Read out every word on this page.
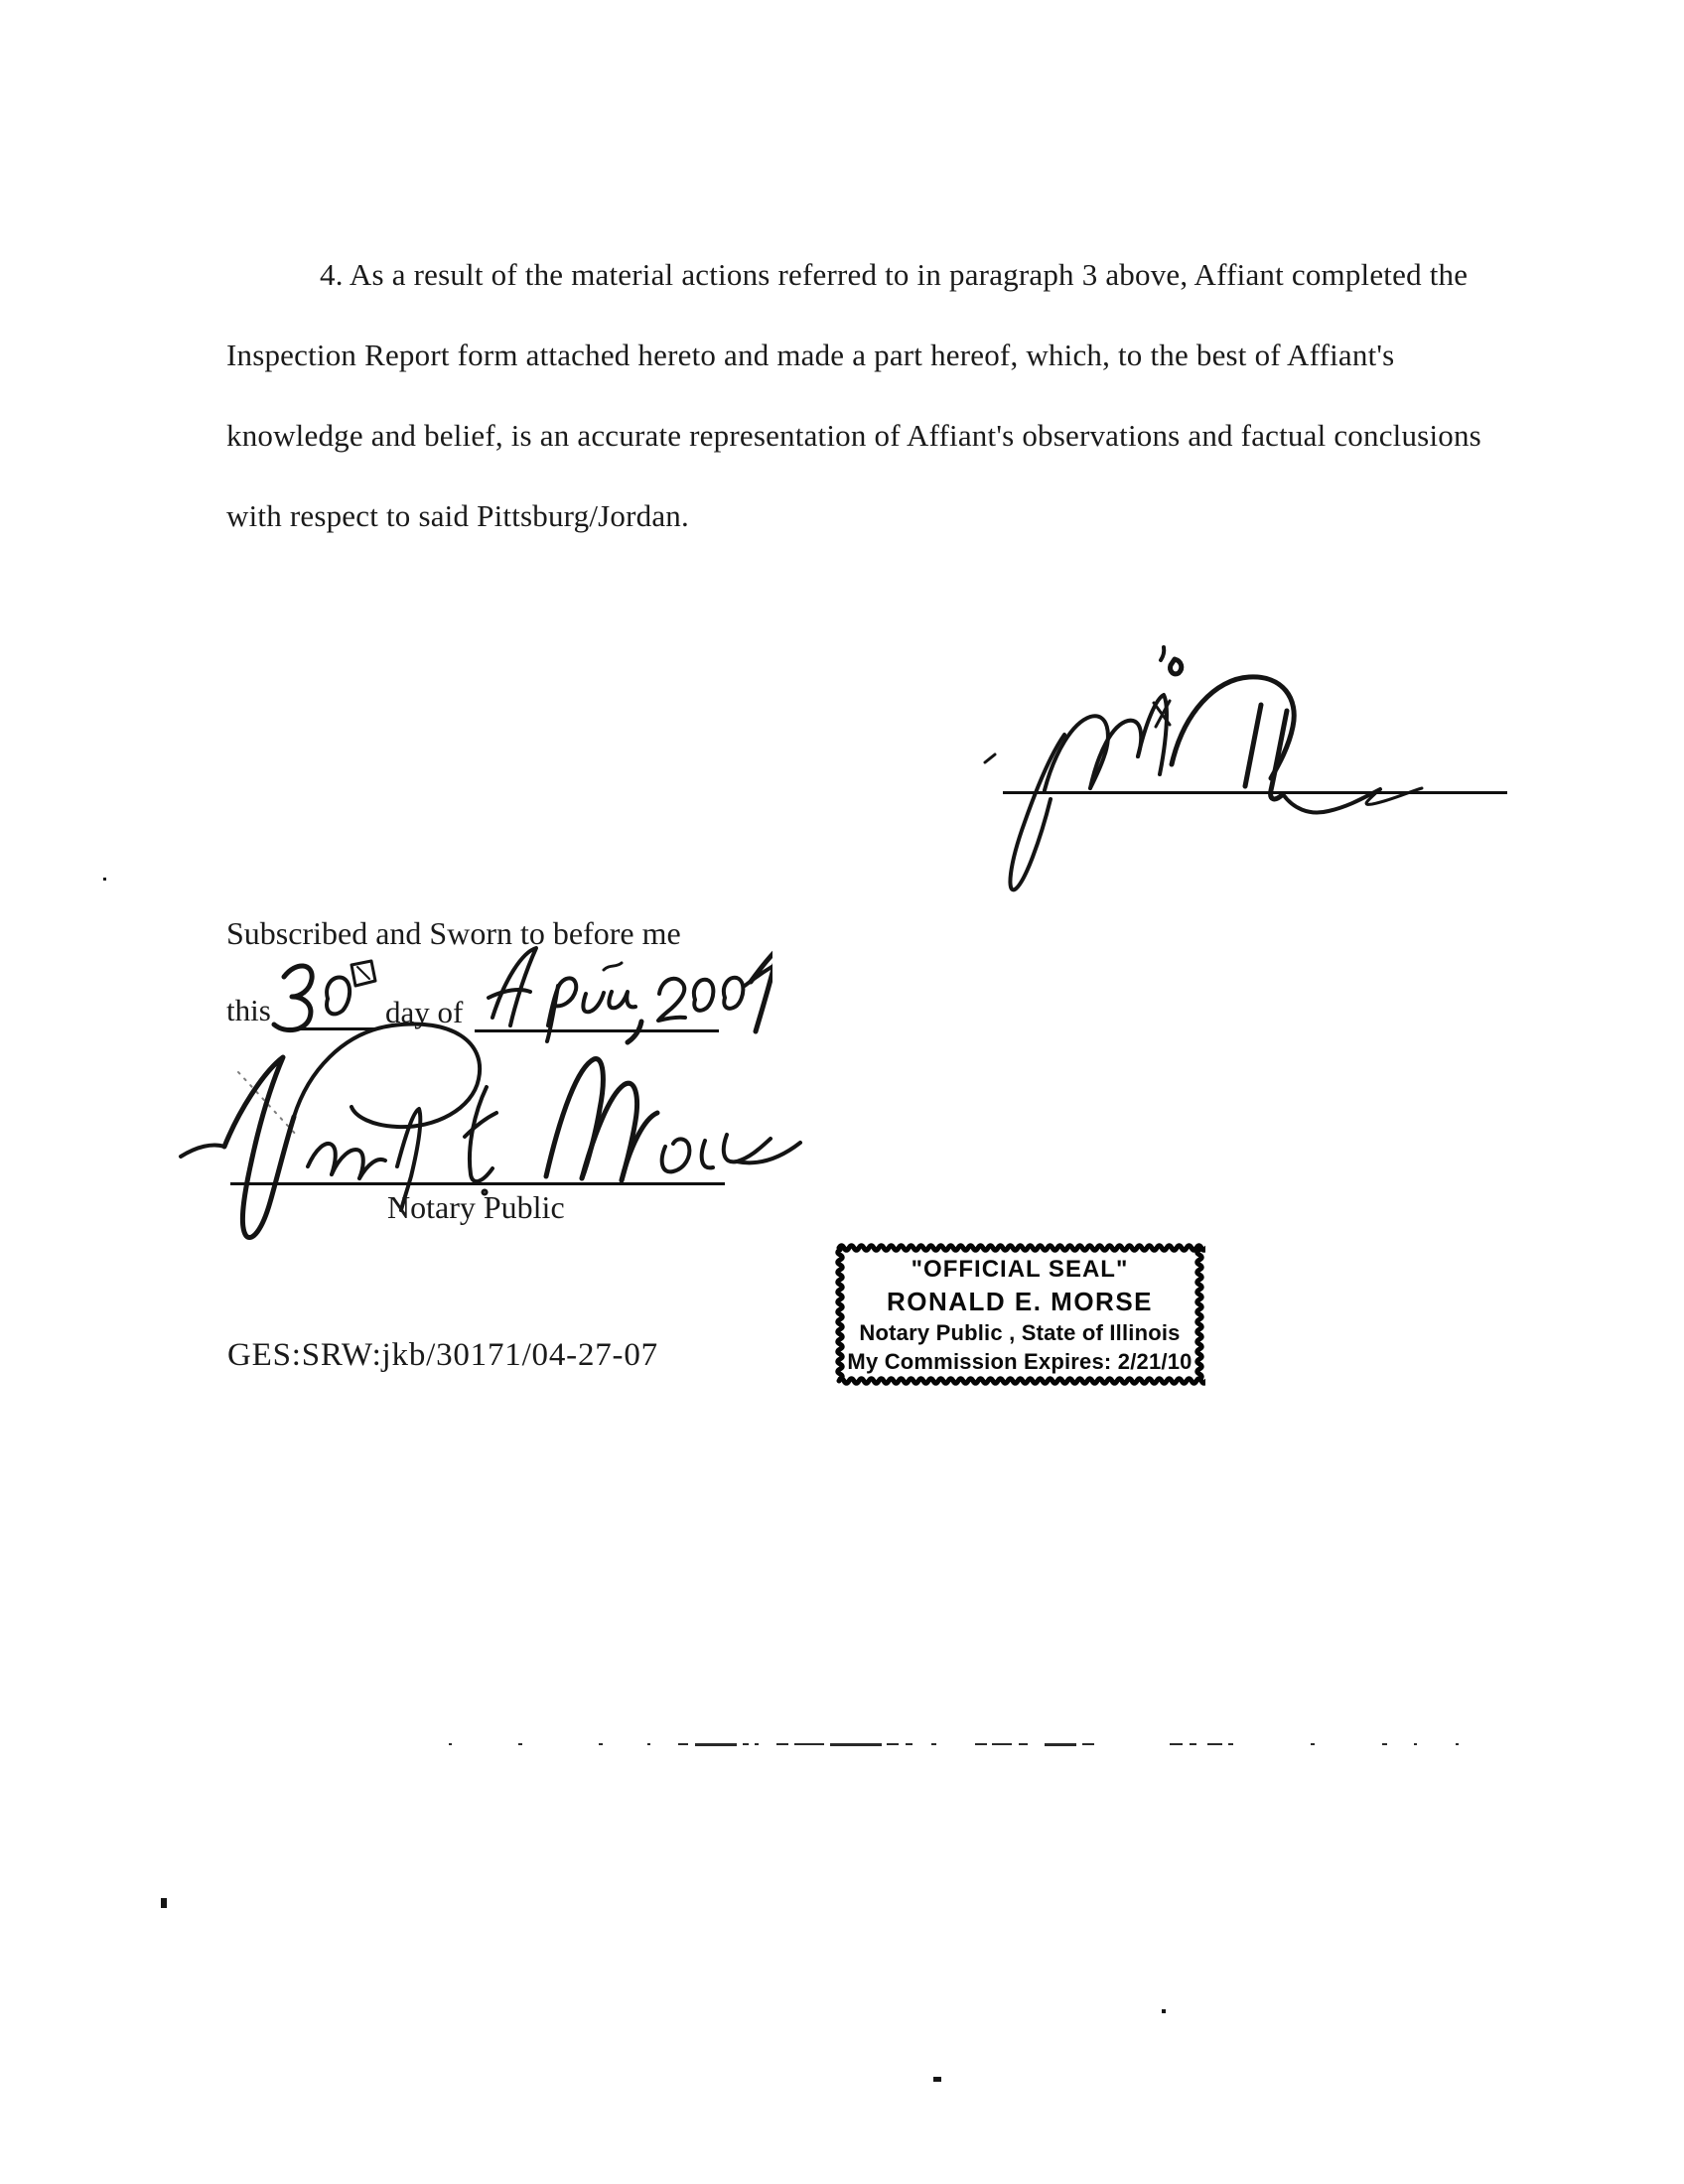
4. As a result of the material actions referred to in paragraph 3 above, Affiant completed the Inspection Report form attached hereto and made a part hereof, which, to the best of Affiant's knowledge and belief, is an accurate representation of Affiant's observations and factual conclusions with respect to said Pittsburg/Jordan.

Subscribed and Sworn to before me
this	day of
Notary Public
GES:SRW:jkb/30171/04-27-07
"OFFICIAL SEAL"
RONALD E. MORSE
Notary Public , State of Illinois
My Commission Expires: 2/21/10
